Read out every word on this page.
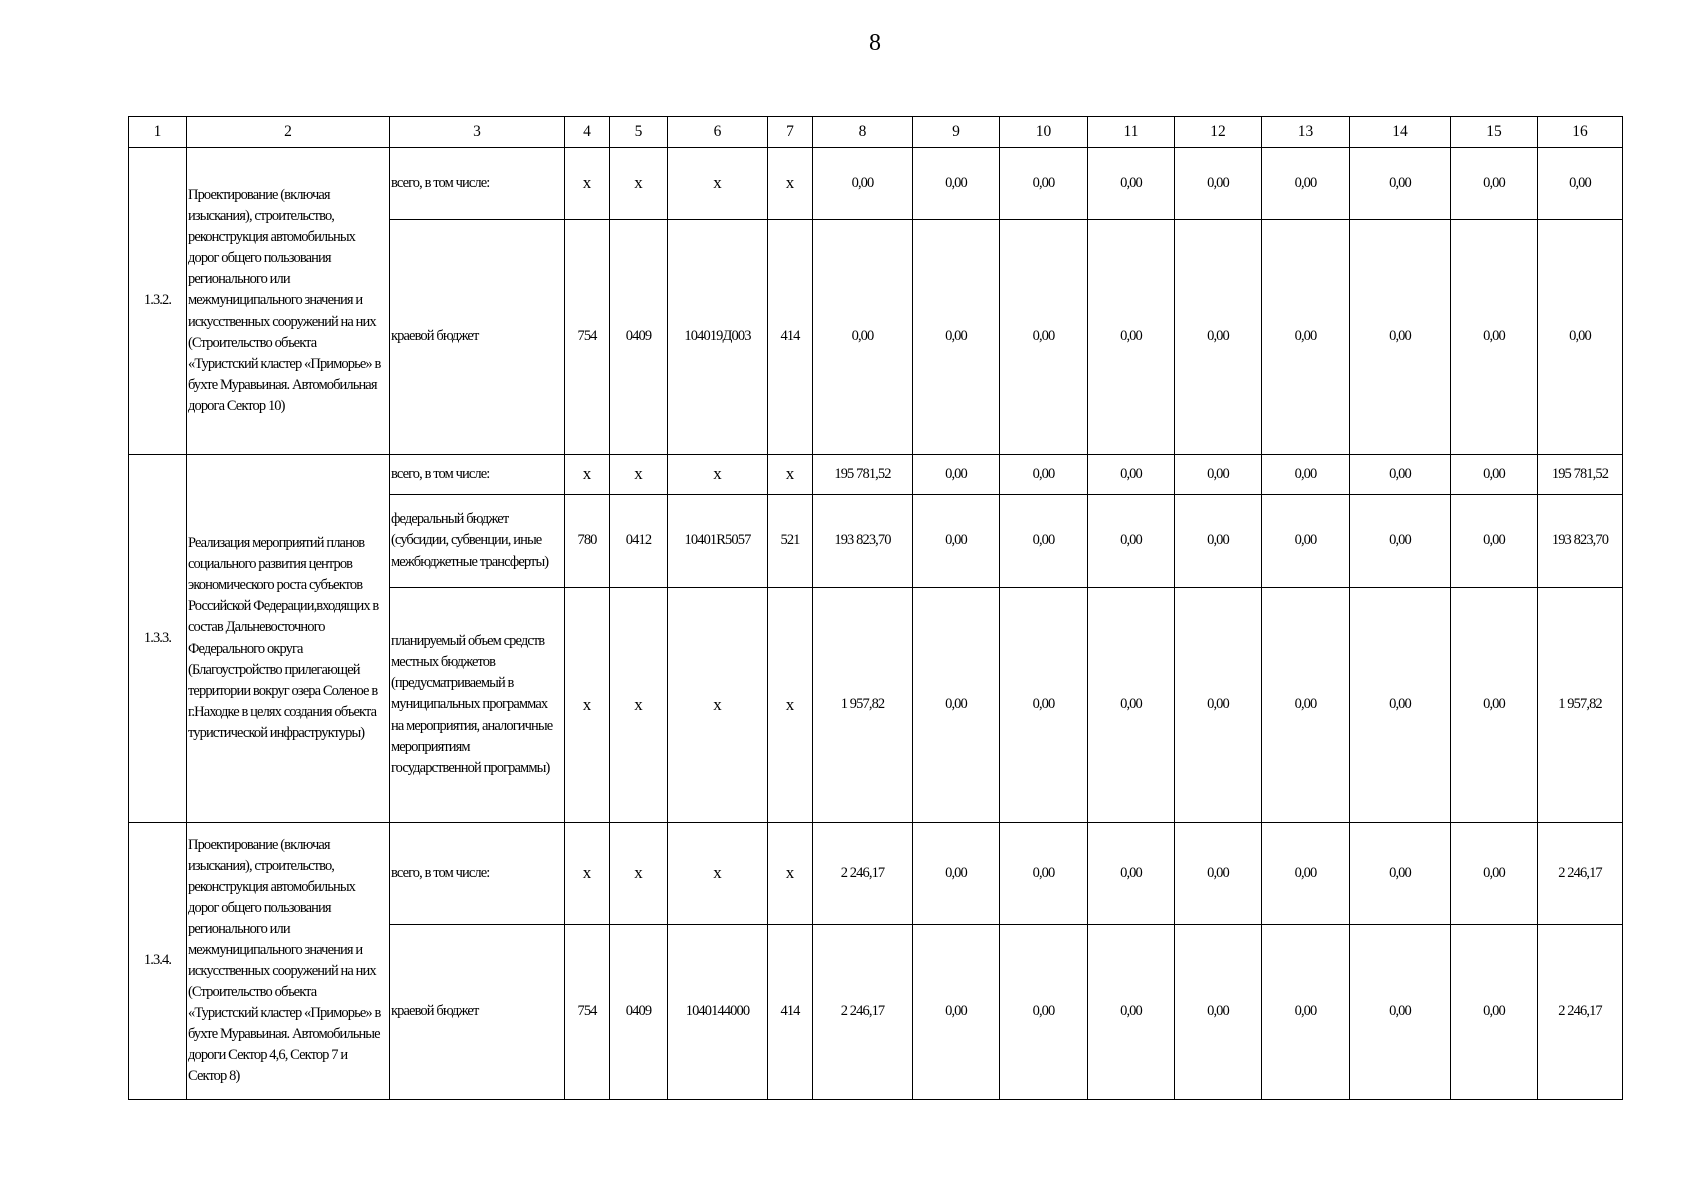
8
1	2	3	4	5	6	7	8	9	10	11	12	13	14	15	16
1.3.2.	Проектирование (включая изыскания), строительство, реконструкция автомобильных дорог общего пользования регионального или межмуниципального значения и искусственных сооружений на них (Строительство объекта «Туристский кластер «Приморье» в бухте Муравьиная. Автомобильная дорога Сектор 10)	всего, в том числе:	х	х	х	х	0,00	0,00	0,00	0,00	0,00	0,00	0,00	0,00	0,00
		краевой бюджет	754	0409	104019Д003	414	0,00	0,00	0,00	0,00	0,00	0,00	0,00	0,00	0,00
1.3.3.	Реализация мероприятий планов социального развития центров экономического роста субъектов Российской Федерации,входящих в состав Дальневосточного Федерального округа (Благоустройство прилегающей территории вокруг озера Соленое в г.Находке в целях создания объекта туристической инфраструктуры)	всего, в том числе:	х	х	х	х	195 781,52	0,00	0,00	0,00	0,00	0,00	0,00	0,00	195 781,52
		федеральный бюджет (субсидии, субвенции, иные межбюджетные трансферты)	780	0412	10401R5057	521	193 823,70	0,00	0,00	0,00	0,00	0,00	0,00	0,00	193 823,70
		планируемый объем средств местных бюджетов (предусматриваемый в муниципальных программах на мероприятия, аналогичные мероприятиям государственной программы)	х	х	х	х	1 957,82	0,00	0,00	0,00	0,00	0,00	0,00	0,00	1 957,82
1.3.4.	Проектирование (включая изыскания), строительство, реконструкция автомобильных дорог общего пользования регионального или межмуниципального значения и искусственных сооружений на них (Строительство объекта «Туристский кластер «Приморье» в бухте Муравьиная. Автомобильные дороги Сектор 4,6, Сектор 7 и Сектор 8)	всего, в том числе:	х	х	х	х	2 246,17	0,00	0,00	0,00	0,00	0,00	0,00	0,00	2 246,17
		краевой бюджет	754	0409	1040144000	414	2 246,17	0,00	0,00	0,00	0,00	0,00	0,00	0,00	2 246,17
